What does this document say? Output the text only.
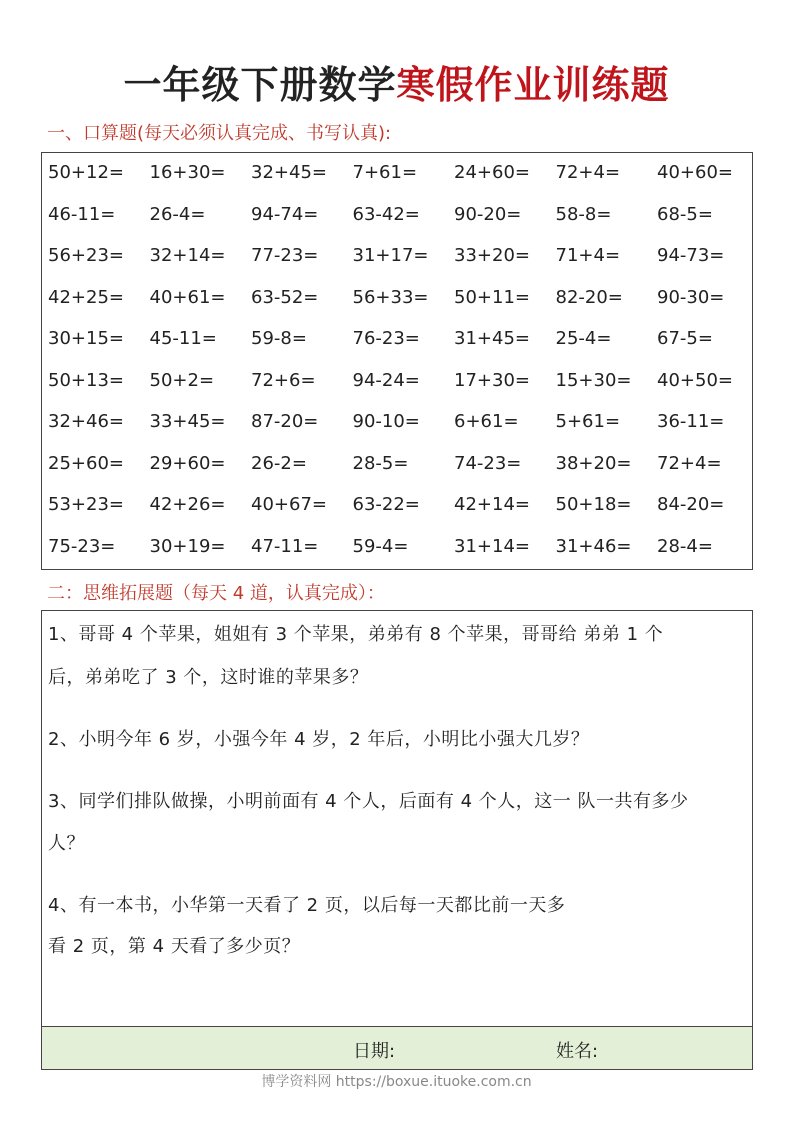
一年级下册数学寒假作业训练题
一、口算题(每天必须认真完成、书写认真):
50+12= 16+30= 32+45= 7+61= 24+60= 72+4= 40+60=
46-11= 26-4=	94-74= 63-42= 90-20= 58-8=	68-5=
56+23= 32+14= 77-23= 31+17= 33+20= 71+4= 94-73=
42+25= 40+61= 63-52= 56+33= 50+11= 82-20= 90-30=
30+15= 45-11= 59-8=	76-23= 31+45= 25-4=	67-5=
50+13= 50+2= 72+6= 94-24= 17+30= 15+30= 40+50=
32+46= 33+45= 87-20= 90-10= 6+61= 5+61= 36-11=
25+60= 29+60= 26-2=	28-5=	74-23= 38+20= 72+4=
53+23= 42+26= 40+67= 63-22= 42+14= 50+18= 84-20=
75-23= 30+19= 47-11= 59-4=	31+14= 31+46= 28-4=
二：思维拓展题（每天 4 道，认真完成）：
日期:	姓名:
1、哥哥 4 个苹果，姐姐有 3 个苹果，弟弟有 8 个苹果，哥哥给 弟弟 1 个
后，弟弟吃了 3 个，这时谁的苹果多？
2、小明今年 6 岁，小强今年 4 岁，2 年后，小明比小强大几岁？
3、同学们排队做操，小明前面有 4 个人，后面有 4 个人，这一 队一共有多少
人？
4、有一本书，小华第一天看了 2 页，以后每一天都比前一天多
看 2 页，第 4 天看了多少页？
博学资料网 https://boxue.ituoke.com.cn
